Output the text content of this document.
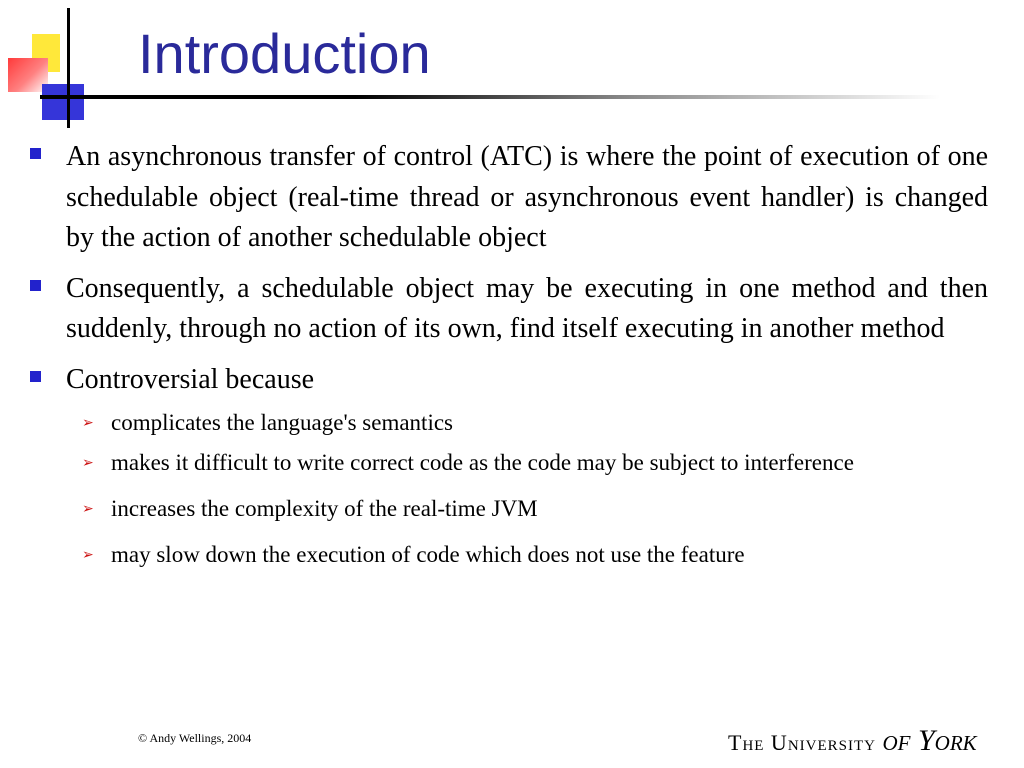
Introduction
An asynchronous transfer of control (ATC) is where the point of execution of one schedulable object (real-time thread or asynchronous event handler) is changed by the action of another schedulable object
Consequently, a schedulable object may be executing in one method and then suddenly, through no action of its own, find itself executing in another method
Controversial because
➢ complicates the language's semantics
➢ makes it difficult to write correct code as the code may be subject to interference
➢ increases the complexity of the real-time JVM
➢ may slow down the execution of code which does not use the feature
© Andy Wellings, 2004	The University of York
